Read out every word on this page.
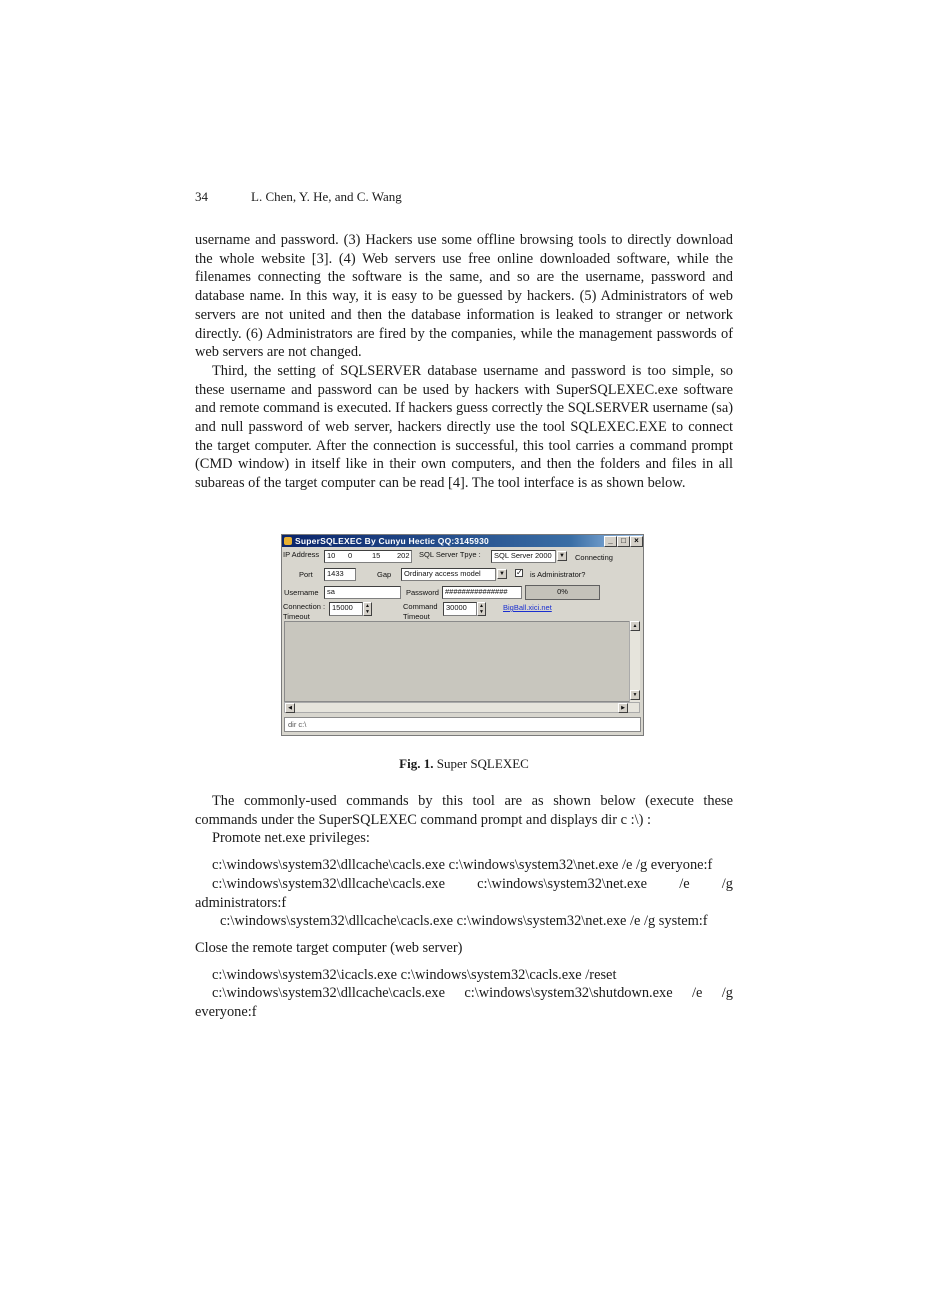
34	L. Chen, Y. He, and C. Wang

username and password. (3) Hackers use some offline browsing tools to directly download the whole website [3]. (4) Web servers use free online downloaded software, while the filenames connecting the software is the same, and so are the username, password and database name. In this way, it is easy to be guessed by hackers. (5) Administrators of web servers are not united and then the database information is leaked to stranger or network directly. (6) Administrators are fired by the companies, while the management passwords of web servers are not changed.

Third, the setting of SQLSERVER database username and password is too simple, so these username and password can be used by hackers with SuperSQLEXEC.exe software and remote command is executed. If hackers guess correctly the SQLSERVER username (sa) and null password of web server, hackers directly use the tool SQLEXEC.EXE to connect the target computer. After the connection is successful, this tool carries a command prompt (CMD window) in itself like in their own computers, and then the folders and files in all subareas of the target computer can be read [4]. The tool interface is as shown below.

SuperSQLEXEC By Cunyu Hectic QQ:3145930	_	□	×
IP Address 10 0	15 202 SQL Server Tpye :	SQL Server 2000	▼ Connecting
Port	1433	Gap	Ordinary access model	▼ ✓ is Administrator?
Username	sa	Password ###############	0%
Connection :
Timeout
15000	▲
▼
Command
Timeout
30000	▲
▼	BigBall.xici.net
▲
▼
◀	▶
dir c:\
Fig. 1. Super SQLEXEC

The commonly-used commands by this tool are as shown below (execute these commands under the SuperSQLEXEC command prompt and displays dir c :\) :

Promote net.exe privileges:

c:\windows\system32\dllcache\cacls.exe c:\windows\system32\net.exe /e /g everyone:f

c:\windows\system32\dllcache\cacls.exe c:\windows\system32\net.exe /e /g administrators:f

c:\windows\system32\dllcache\cacls.exe c:\windows\system32\net.exe /e /g system:f

Close the remote target computer (web server)

c:\windows\system32\icacls.exe c:\windows\system32\cacls.exe /reset

c:\windows\system32\dllcache\cacls.exe c:\windows\system32\shutdown.exe /e /g everyone:f
